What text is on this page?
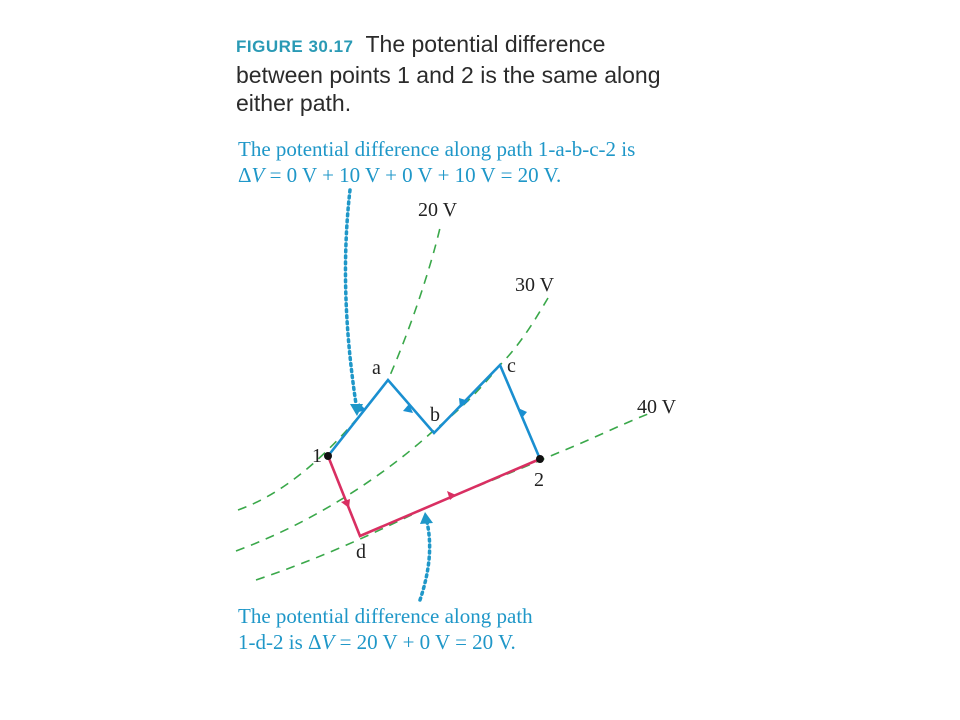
FIGURE 30.17 The potential difference between points 1 and 2 is the same along either path.
The potential difference along path 1-a-b-c-2 is
ΔV = 0 V + 10 V + 0 V + 10 V = 20 V.
The potential difference along path
1-d-2 is ΔV = 20 V + 0 V = 20 V.
20 V
30 V
40 V
1
2
a
b
c
d
